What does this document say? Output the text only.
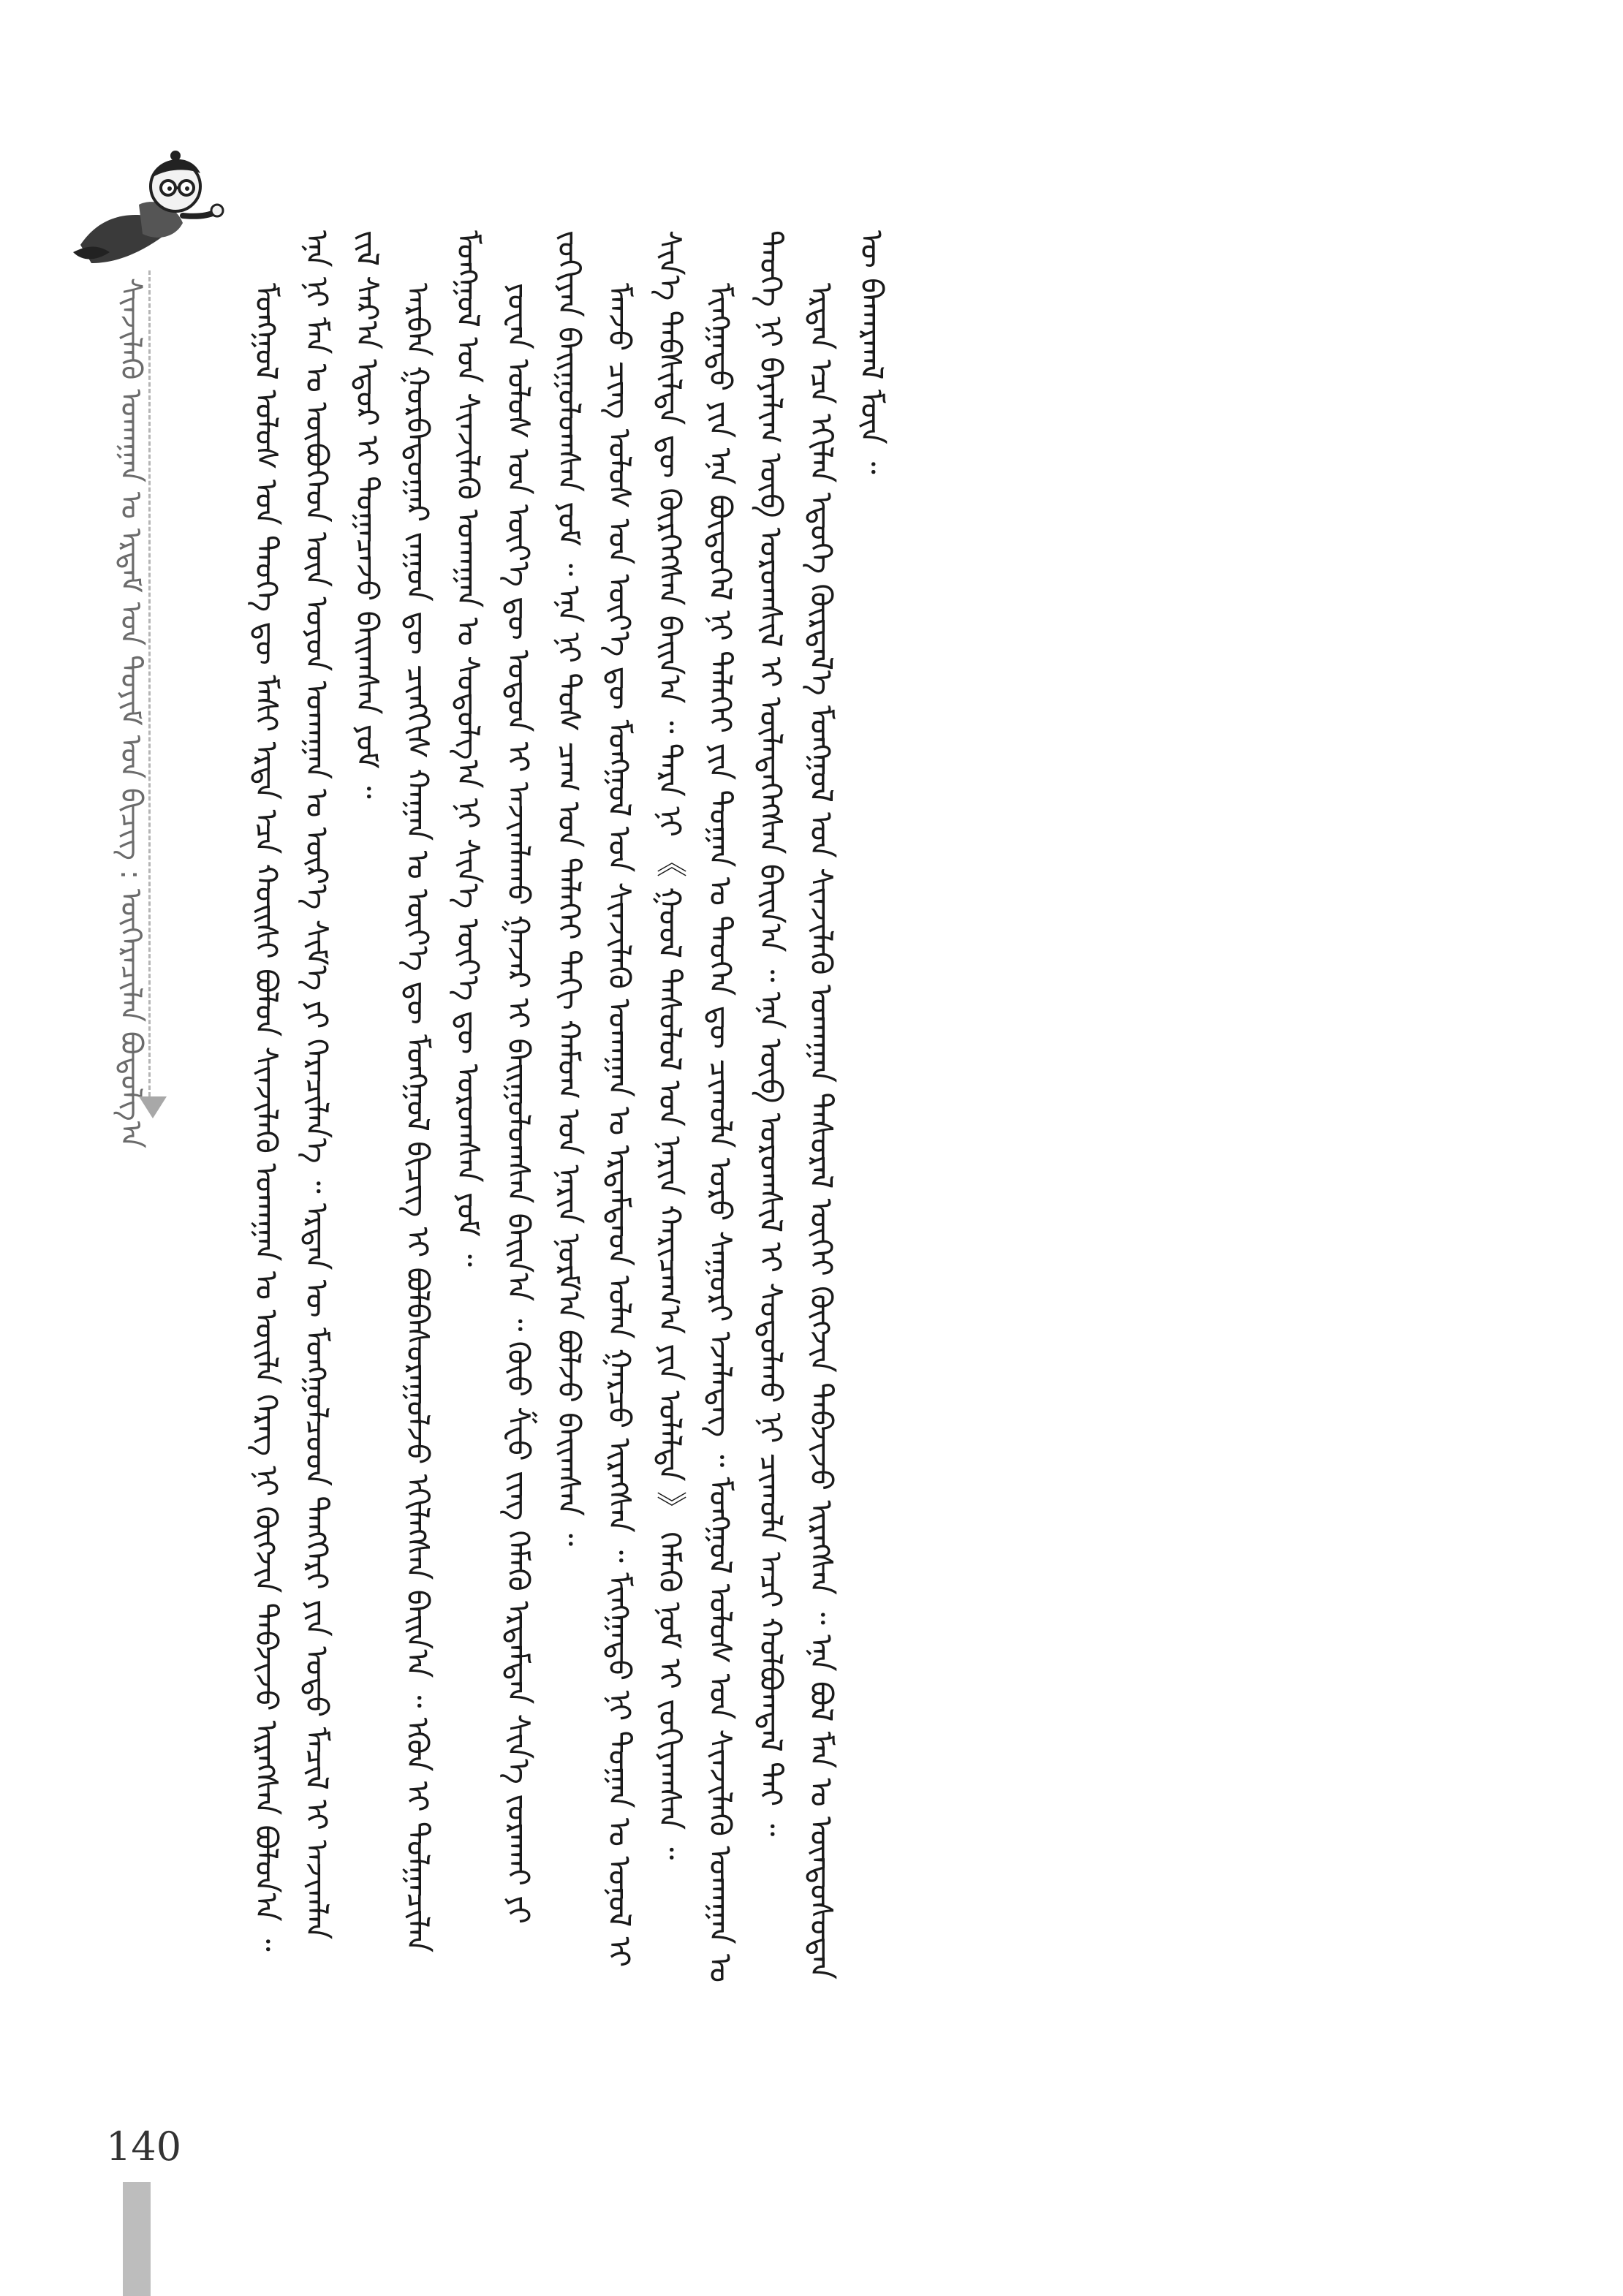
ᠰᠢᠨᠵᠢᠯᠡᠬᠦ ᠤᠬᠠᠭᠠᠨ ᠤ ᠡᠷᠳᠡᠮ ᠤᠨ ᠲᠤᠶᠢᠮ ᠤᠨ ᠪᠢᠴᠢᠭ᠌ : ᠥᠭᠡᠷᠡᠴᠢᠯᠡᠨ ᠪᠣᠳᠣᠯᠭ᠎ᠠ	ᠮᠣᠩᠭᠣᠯ ᠤᠯᠤᠰ ᠤᠨ ᠲᠡᠦᠬᠡ ᠳᠦ ᠮᠠᠰᠢ ᠡᠷᠲᠡ ᠡᠴᠡ ᠬᠣᠢᠰᠢ ᠪᠣᠯᠤᠨ ᠰᠢᠨᠵᠢᠯᠡᠬᠦ ᠤᠬᠠᠭᠠᠨ ᠤ ᠦᠢᠯᠡ ᠬᠡᠷᠡᠭ ᠨᠢ ᠬᠦᠭᠵᠢᠨ ᠳᠡᠪᠵᠢᠵᠦ ᠢᠷᠡᠭᠰᠡᠨ ᠪᠣᠯᠤᠨ᠎ᠠ ᠃ ᠡᠨᠡ ᠨᠢ ᠮᠠᠨ ᠤ ᠥᠪᠦᠭᠡᠳ ᠦᠨ ᠣᠶᠤᠨ ᠤᠬᠠᠭᠠᠨ ᠤ ᠦᠷ᠎ᠡ ᠰᠢᠮ᠎ᠡ ᠶᠢ ᠭᠡᠷᠡᠴᠢᠯᠡᠨ᠎ᠡ ᠃ ᠡᠷᠲᠡᠨ ᠦ ᠮᠣᠩᠭᠣᠯᠴᠤᠳ ᠲᠡᠩᠭᠡᠷᠢ ᠶᠢᠨ ᠣᠳᠣ ᠮᠡᠴᠢᠯ ᠢ ᠠᠵᠢᠭᠯᠠᠨ ᠵᠢᠯ ᠰᠠᠷ᠎ᠠ ᠡᠳᠦᠷ ᠢ ᠲᠣᠭᠠᠴᠠᠵᠤ ᠪᠠᠢᠭᠰᠠᠨ ᠶᠤᠮ ᠃ ᠠᠷᠪᠠᠨ ᠭᠤᠷᠪᠠᠳᠤᠭᠠᠷ ᠵᠠᠭᠤᠨ ᠳᠦ ᠴᠢᠩᠭᠢᠰ ᠬᠠᠭᠠᠨ ᠤ ᠦᠶ᠎ᠡ ᠳᠦ ᠮᠣᠩᠭᠣᠯ ᠪᠢᠴᠢᠭ ᠢ ᠪᠣᠯᠪᠠᠰᠤᠷᠠᠭᠤᠯᠵᠤ ᠡᠬᠢᠯᠡᠭᠰᠡᠨ ᠪᠠᠢᠨ᠎ᠠ ᠃ ᠡᠭᠦᠨ ᠢ ᠲᠤᠯᠭᠠᠴᠢᠯᠠᠨ ᠮᠣᠩᠭᠣᠯ ᠤᠨ ᠰᠢᠨᠵᠢᠯᠡᠬᠦ ᠤᠬᠠᠭᠠᠨ ᠤ ᠰᠤᠳᠤᠯᠭ᠎ᠠ ᠨᠢ ᠰᠢᠨ᠎ᠡ ᠦᠶ᠎ᠡ ᠳᠦ ᠣᠷᠣᠭᠰᠠᠨ ᠶᠤᠮ ᠃ ᠶᠤᠸᠠᠨ ᠤᠯᠤᠰ ᠤᠨ ᠦᠶ᠎ᠡ ᠳᠦ ᠣᠳᠣᠨ ᠢ ᠠᠵᠢᠭᠯᠠᠬᠤ ᠭᠠᠵᠠᠷ ᠢ ᠪᠠᠢᠭᠤᠯᠤᠭᠰᠠᠨ ᠪᠠᠢᠨ᠎ᠠ ᠃ ᠭᠦᠣ ᠱᠧᠦ ᠵᠢᠩ ᠬᠡᠮᠡᠬᠦ ᠡᠷᠳᠡᠮᠲᠡᠨ ᠰᠢᠨ᠎ᠡ ᠵᠤᠷᠠᠬᠠᠢ ᠶᠢ ᠵᠣᠬᠢᠶᠠᠨ ᠪᠠᠢᠭᠤᠯᠤᠭᠰᠠᠨ ᠶᠤᠮ ᠃ ᠡᠨᠡ ᠨᠢ ᠲᠤᠰ ᠴᠠᠭ ᠤᠨ ᠳᠡᠯᠡᠬᠡᠢ ᠳᠡᠬᠢ ᠬᠠᠮᠤᠭ ᠤᠨ ᠨᠠᠷᠢᠨ ᠨᠣᠷᠮ᠎ᠠ ᠪᠣᠯᠵᠤ ᠪᠠᠢᠭᠰᠠᠨ ᠃ ᠮᠠᠨᠵᠤ ᠴᠢᠩ ᠤᠯᠤᠰ ᠤᠨ ᠦᠶ᠎ᠡ ᠳᠦ ᠮᠣᠩᠭᠣᠯ ᠤᠨ ᠰᠢᠨᠵᠢᠯᠡᠬᠦ ᠤᠬᠠᠭᠠᠨ ᠤ ᠡᠷᠳᠡᠮᠲᠡᠳ ᠣᠯᠠᠨ ᠭᠠᠷᠴᠤ ᠢᠷᠡᠭᠰᠡᠨ ᠃ ᠮᠢᠩᠭᠠᠲᠤ ᠨᠢ ᠲᠣᠭᠠᠨ ᠤ ᠣᠨᠣᠯ ᠢ ᠰᠢᠨ᠎ᠡ ᠳᠡᠪᠰᠢᠯᠲᠡ ᠳᠦ ᠬᠦᠷᠭᠡᠭᠰᠡᠨ ᠪᠠᠢᠨ᠎ᠠ ᠃ ᠲᠡᠷᠡ ᠨᠢ 《 ᠭᠣᠣᠯ ᠲᠠᠰᠤᠯᠤᠯ ᠤᠨ ᠨᠠᠷᠢᠨ ᠬᠠᠷᠢᠴᠠᠭ᠎ᠠ ᠶᠢᠨ ᠣᠯᠠᠯᠲᠠ 》 ᠬᠡᠮᠡᠬᠦ ᠨᠣᠮ ᠢ ᠵᠣᠬᠢᠶᠠᠭᠰᠠᠨ ᠃ ᠮᠢᠩᠭᠠᠲᠤ ᠶᠢᠨ ᠡᠨᠡ ᠪᠦᠲᠦᠭᠡᠯ ᠨᠢ ᠳᠡᠯᠡᠬᠡᠢ ᠶᠢᠨ ᠲᠣᠭᠠᠨ ᠤ ᠲᠡᠦᠬᠡᠨ ᠳᠦ ᠴᠢᠬᠤᠯᠠ ᠣᠷᠣ ᠰᠠᠭᠤᠷᠢ ᠡᠵᠡᠯᠡᠳᠡᠭ ᠃ ᠮᠣᠩᠭᠣᠯ ᠤᠯᠤᠰ ᠤᠨ ᠰᠢᠨᠵᠢᠯᠡᠬᠦ ᠤᠬᠠᠭᠠᠨ ᠤ ᠲᠡᠦᠬᠡ ᠨᠢ ᠪᠠᠶᠠᠯᠢᠭ ᠦᠪ ᠣᠷᠤᠭᠰᠢᠯ ᠢ ᠦᠯᠡᠳᠡᠭᠡᠭᠰᠡᠨ ᠪᠠᠢᠨ᠎ᠠ ᠃ ᠡᠨᠡ ᠦᠪ ᠣᠷᠤᠭᠰᠢᠯ ᠢ ᠰᠤᠳᠤᠯᠬᠤ ᠨᠢ ᠴᠢᠬᠤᠯᠠ ᠠᠴᠢ ᠬᠣᠯᠪᠣᠭᠳᠠᠯ ᠲᠠᠢ ᠃ ᠡᠷᠲᠡᠨ ᠡᠴᠡ ᠡᠬᠢᠯᠡᠨ ᠡᠳᠦᠭᠡ ᠬᠦᠷᠲᠡᠯ᠎ᠡ ᠮᠣᠩᠭᠣᠯ ᠤᠨ ᠰᠢᠨᠵᠢᠯᠡᠬᠦ ᠤᠬᠠᠭᠠᠨ ᠲᠠᠰᠤᠷᠠᠯ ᠦᠭᠡᠢ ᠬᠥᠭᠵᠢᠨ ᠳᠡᠪᠵᠢᠵᠦ ᠢᠷᠡᠭᠰᠡᠨ ᠃ ᠡᠨᠡ ᠪᠣᠯ ᠮᠠᠨ ᠤ ᠦᠨᠳᠦᠰᠦᠲᠡᠨ ᠦ ᠪᠠᠬᠠᠷᠬᠠᠯ ᠮᠥᠨ ᠃

140
